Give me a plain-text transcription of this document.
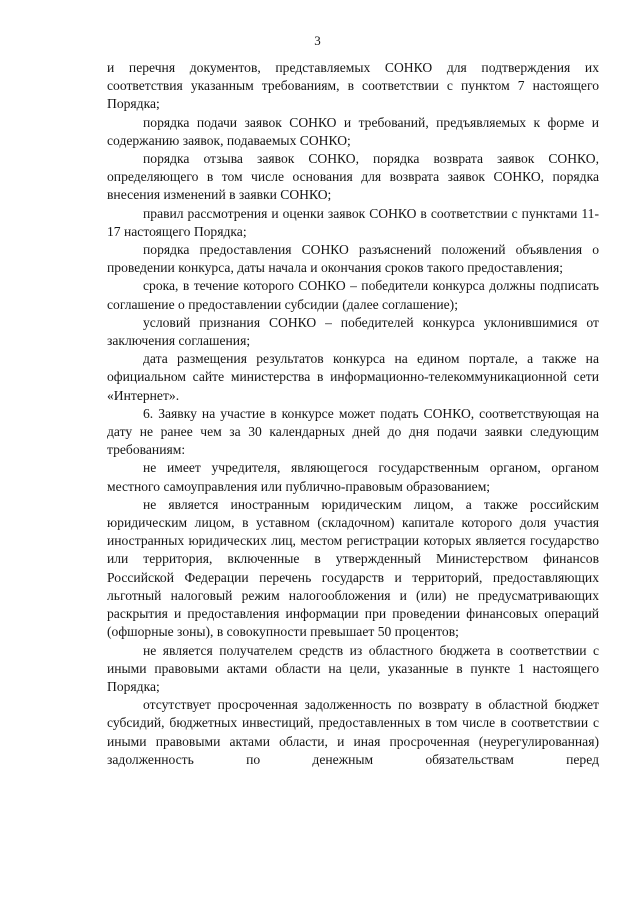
3

и перечня документов, представляемых СОНКО для подтверждения их соответствия указанным требованиям, в соответствии с пунктом 7 настоящего Порядка;

порядка подачи заявок СОНКО и требований, предъявляемых к форме и содержанию заявок, подаваемых СОНКО;

порядка отзыва заявок СОНКО, порядка возврата заявок СОНКО, определяющего в том числе основания для возврата заявок СОНКО, порядка внесения изменений в заявки СОНКО;

правил рассмотрения и оценки заявок СОНКО в соответствии с пунктами 11-17 настоящего Порядка;

порядка предоставления СОНКО разъяснений положений объявления о проведении конкурса, даты начала и окончания сроков такого предоставления;

срока, в течение которого СОНКО – победители конкурса должны подписать соглашение о предоставлении субсидии (далее соглашение);

условий признания СОНКО – победителей конкурса уклонившимися от заключения соглашения;

дата размещения результатов конкурса на едином портале, а также на официальном сайте министерства в информационно-телекоммуникационной сети «Интернет».

6. Заявку на участие в конкурсе может подать СОНКО, соответствующая на дату не ранее чем за 30 календарных дней до дня подачи заявки следующим требованиям:

не имеет учредителя, являющегося государственным органом, органом местного самоуправления или публично-правовым образованием;

не является иностранным юридическим лицом, а также российским юридическим лицом, в уставном (складочном) капитале которого доля участия иностранных юридических лиц, местом регистрации которых является государство или территория, включенные в утвержденный Министерством финансов Российской Федерации перечень государств и территорий, предоставляющих льготный налоговый режим налогообложения и (или) не предусматривающих раскрытия и предоставления информации при проведении финансовых операций (офшорные зоны), в совокупности превышает 50 процентов;

не является получателем средств из областного бюджета в соответствии с иными правовыми актами области на цели, указанные в пункте 1 настоящего Порядка;

отсутствует просроченная задолженность по возврату в областной бюджет субсидий, бюджетных инвестиций, предоставленных в том числе в соответствии с иными правовыми актами области, и иная просроченная (неурегулированная) задолженность по денежным обязательствам перед
